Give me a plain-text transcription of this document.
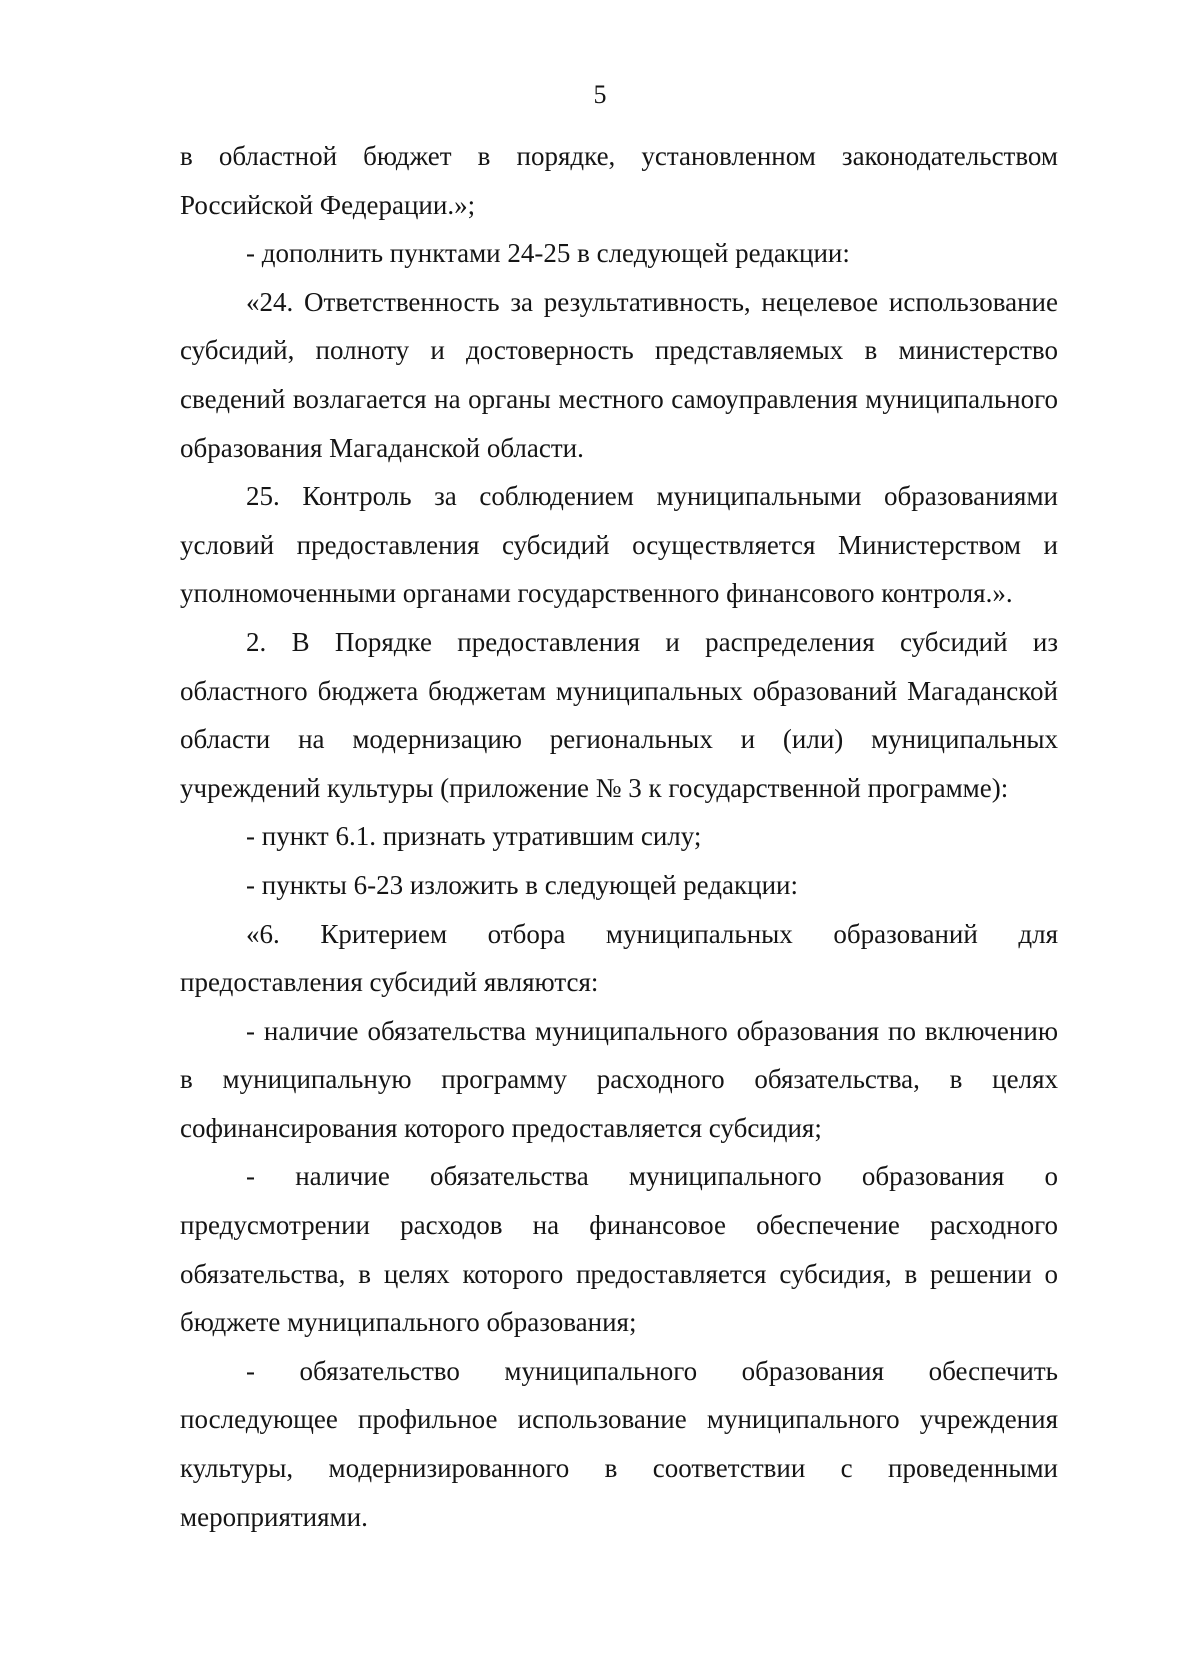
5

в областной бюджет в порядке, установленном законодательством Российской Федерации.»;

- дополнить пунктами 24-25 в следующей редакции:

«24. Ответственность за результативность, нецелевое использование субсидий, полноту и достоверность представляемых в министерство сведений возлагается на органы местного самоуправления муниципального образования Магаданской области.

25. Контроль за соблюдением муниципальными образованиями условий предоставления субсидий осуществляется Министерством и уполномоченными органами государственного финансового контроля.».

2. В Порядке предоставления и распределения субсидий из областного бюджета бюджетам муниципальных образований Магаданской области на модернизацию региональных и (или) муниципальных учреждений культуры (приложение № 3 к государственной программе):

- пункт 6.1. признать утратившим силу;

- пункты 6-23 изложить в следующей редакции:

«6. Критерием отбора муниципальных образований для предоставления субсидий являются:

- наличие обязательства муниципального образования по включению в муниципальную программу расходного обязательства, в целях софинансирования которого предоставляется субсидия;

- наличие обязательства муниципального образования о предусмотрении расходов на финансовое обеспечение расходного обязательства, в целях которого предоставляется субсидия, в решении о бюджете муниципального образования;

- обязательство муниципального образования обеспечить последующее профильное использование муниципального учреждения культуры, модернизированного в соответствии с проведенными мероприятиями.
